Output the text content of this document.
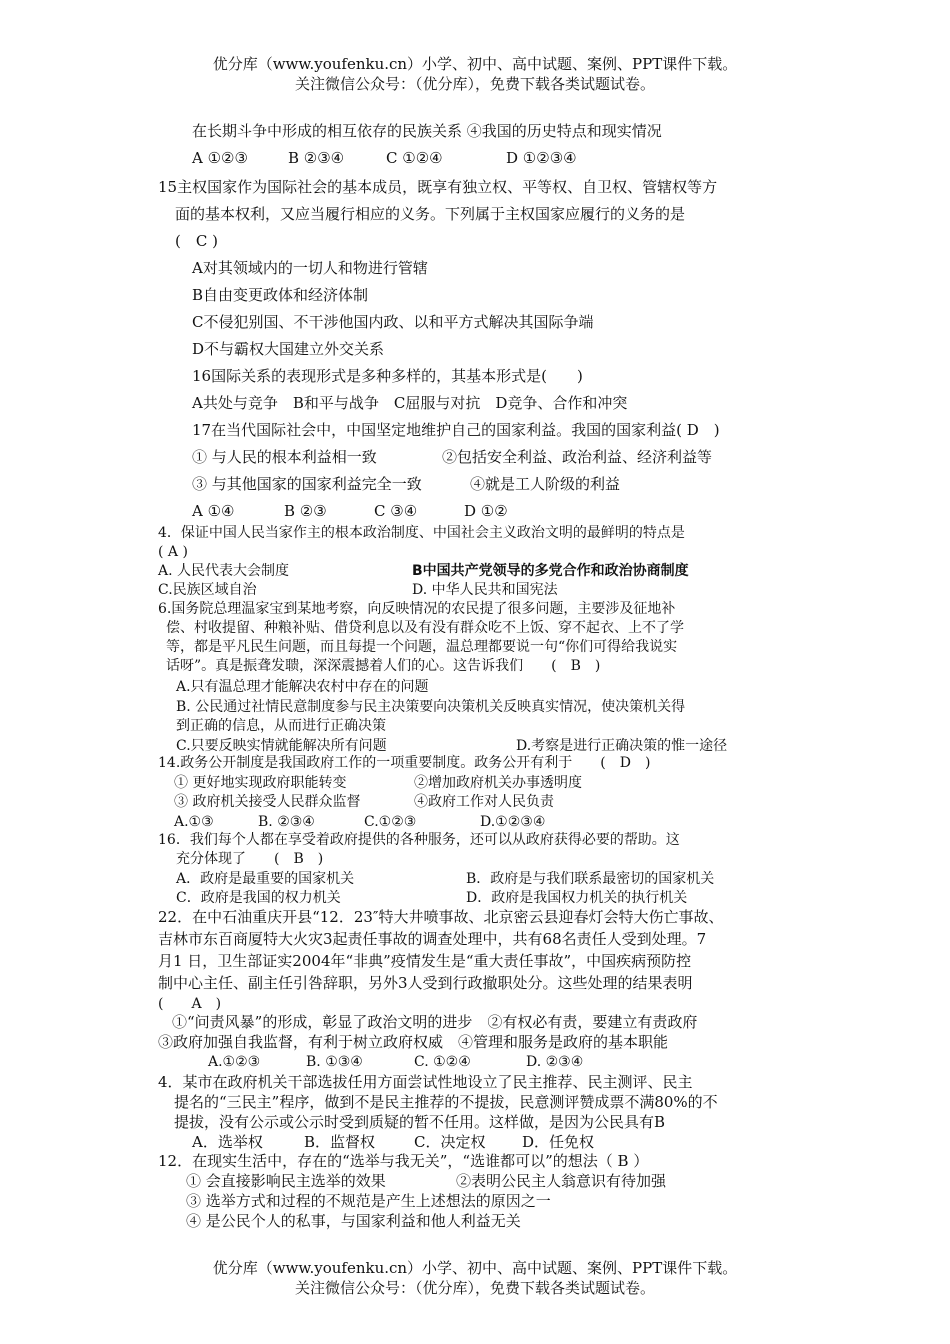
优分库（www.youfenku.cn）小学、初中、高中试题、案例、PPT课件下载。
关注微信公众号：（优分库），免费下载各类试题试卷。
在长期斗争中形成的相互依存的民族关系 ④我国的历史特点和现实情况
A ①②③	B ②③④	C ①②④	D ①②③④
15主权国家作为国际社会的基本成员，既享有独立权、平等权、自卫权、管辖权等方
面的基本权利，又应当履行相应的义务。下列属于主权国家应履行的义务的是
(　C )
A对其领域内的一切人和物进行管辖
B自由变更政体和经济体制
C不侵犯别国、不干涉他国内政、以和平方式解决其国际争端
D不与霸权大国建立外交关系
16国际关系的表现形式是多种多样的，其基本形式是(　　)
A共处与竞争　B和平与战争　C屈服与对抗　D竞争、合作和冲突
17在当代国际社会中，中国坚定地维护自己的国家利益。我国的国家利益( D　)
① 与人民的根本利益相一致	②包括安全利益、政治利益、经济利益等
③ 与其他国家的国家利益完全一致	④就是工人阶级的利益
A ①④	B ②③	C ③④	D ①②
4．保证中国人民当家作主的根本政治制度、中国社会主义政治文明的最鲜明的特点是
( A )
A. 人民代表大会制度	B中国共产党领导的多党合作和政治协商制度
C.民族区域自治	D. 中华人民共和国宪法
6.国务院总理温家宝到某地考察，向反映情况的农民提了很多问题，主要涉及征地补
偿、村收提留、种粮补贴、借贷利息以及有没有群众吃不上饭、穿不起衣、上不了学
等，都是平凡民生问题，而且每提一个问题，温总理都要说一句“你们可得给我说实
话呀”。真是振聋发聩，深深震撼着人们的心。这告诉我们　　(　B　)
A.只有温总理才能解决农村中存在的问题
B. 公民通过社情民意制度参与民主决策要向决策机关反映真实情况，使决策机关得
到正确的信息，从而进行正确决策
C.只要反映实情就能解决所有问题	D.考察是进行正确决策的惟一途径
14.政务公开制度是我国政府工作的一项重要制度。政务公开有利于　　(　D　)
① 更好地实现政府职能转变	②增加政府机关办事透明度
③ 政府机关接受人民群众监督	④政府工作对人民负责
A.①③	B. ②③④	C.①②③	D.①②③④
16．我们每个人都在享受着政府提供的各种服务，还可以从政府获得必要的帮助。这
充分体现了　　(　B　)
A．政府是最重要的国家机关	B．政府是与我们联系最密切的国家机关
C．政府是我国的权力机关	D．政府是我国权力机关的执行机关
22．在中石油重庆开县“12．23″特大井喷事故、北京密云县迎春灯会特大伤亡事故、
吉林市东百商厦特大火灾3起责任事故的调查处理中，共有68名责任人受到处理。7
月1 日，卫生部证实2004年“非典”疫情发生是“重大责任事故”，中国疾病预防控
制中心主任、副主任引咎辞职，另外3人受到行政撤职处分。这些处理的结果表明
(　　A　)
①“问责风暴”的形成，彰显了政治文明的进步　②有权必有责，要建立有责政府
③政府加强自我监督，有利于树立政府权威　④管理和服务是政府的基本职能
A.①②③	B. ①③④	C. ①②④	D. ②③④
4．某市在政府机关干部选拔任用方面尝试性地设立了民主推荐、民主测评、民主
提名的“三民主”程序，做到不是民主推荐的不提拔，民意测评赞成票不满80%的不
提拔，没有公示或公示时受到质疑的暂不任用。这样做，是因为公民具有B
A．选举权	B．监督权	C．决定权 D．任免权
12．在现实生活中，存在的“选举与我无关”，“选谁都可以”的想法（ B ）
① 会直接影响民主选举的效果	②表明公民主人翁意识有待加强
③ 选举方式和过程的不规范是产生上述想法的原因之一
④ 是公民个人的私事，与国家利益和他人利益无关
优分库（www.youfenku.cn）小学、初中、高中试题、案例、PPT课件下载。
关注微信公众号：（优分库），免费下载各类试题试卷。
